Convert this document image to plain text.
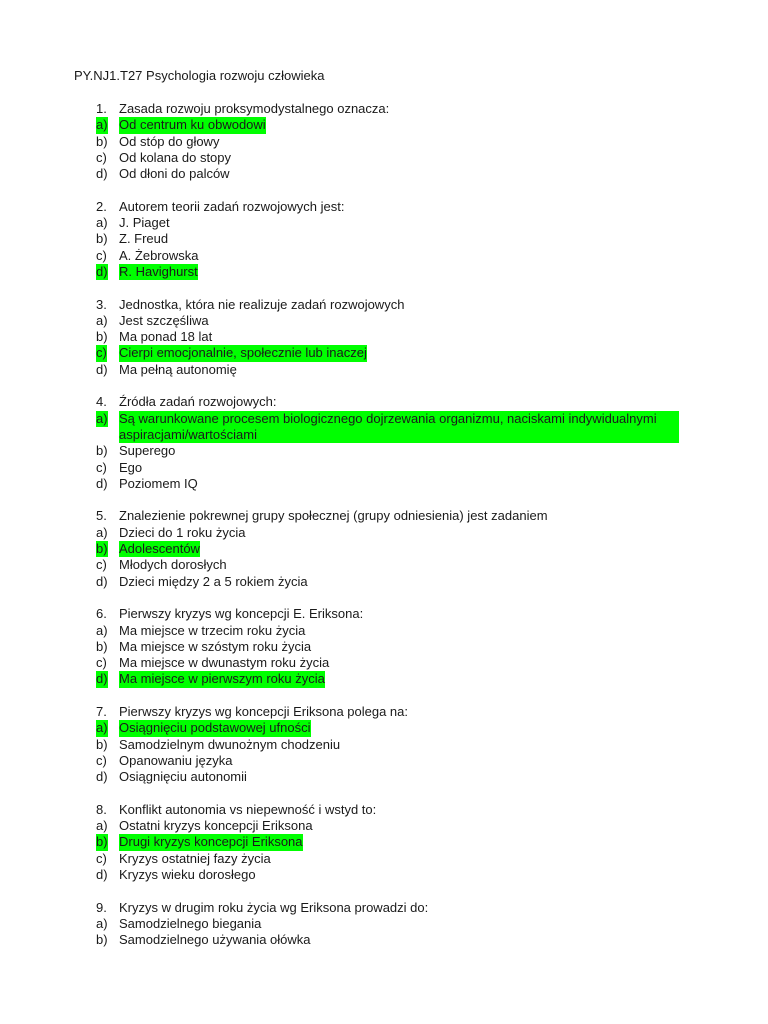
PY.NJ1.T27 Psychologia rozwoju człowieka
1. Zasada rozwoju proksymodystalnego oznacza:
a) Od centrum ku obwodowi
b) Od stóp do głowy
c) Od kolana do stopy
d) Od dłoni do palców
2. Autorem teorii zadań rozwojowych jest:
a) J. Piaget
b) Z. Freud
c) A. Żebrowska
d) R. Havighurst
3. Jednostka, która nie realizuje zadań rozwojowych
a) Jest szczęśliwa
b) Ma ponad 18 lat
c) Cierpi emocjonalnie, społecznie lub inaczej
d) Ma pełną autonomię
4. Źródła zadań rozwojowych:
a) Są warunkowane procesem biologicznego dojrzewania organizmu, naciskami indywidualnymi
aspiracjami/wartościami
b) Superego
c) Ego
d) Poziomem IQ
5. Znalezienie pokrewnej grupy społecznej (grupy odniesienia) jest zadaniem
a) Dzieci do 1 roku życia
b) Adolescentów
c) Młodych dorosłych
d) Dzieci między 2 a 5 rokiem życia
6. Pierwszy kryzys wg koncepcji E. Eriksona:
a) Ma miejsce w trzecim roku życia
b) Ma miejsce w szóstym roku życia
c) Ma miejsce w dwunastym roku życia
d) Ma miejsce w pierwszym roku życia
7. Pierwszy kryzys wg koncepcji Eriksona polega na:
a) Osiągnięciu podstawowej ufności
b) Samodzielnym dwunożnym chodzeniu
c) Opanowaniu języka
d) Osiągnięciu autonomii
8. Konflikt autonomia vs niepewność i wstyd to:
a) Ostatni kryzys koncepcji Eriksona
b) Drugi kryzys koncepcji Eriksona
c) Kryzys ostatniej fazy życia
d) Kryzys wieku dorosłego
9. Kryzys w drugim roku życia wg Eriksona prowadzi do:
a) Samodzielnego biegania
b) Samodzielnego używania ołówka
